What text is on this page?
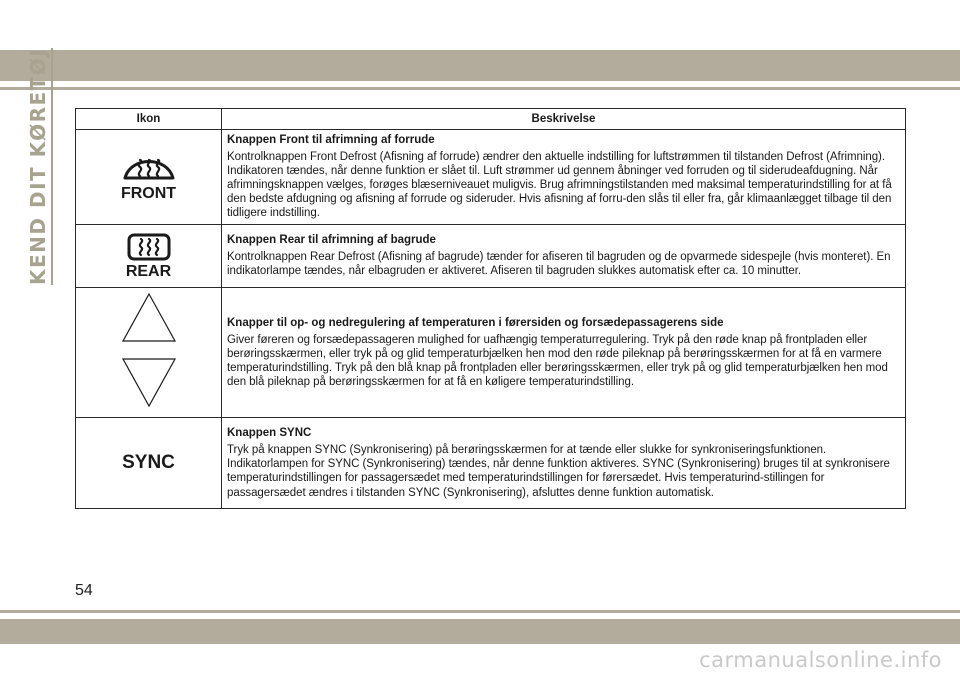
KEND DIT KØRETØJ	Ikon	Beskrivelse

FRONT	Knappen Front til afrimning af forrude
Kontrolknappen Front Defrost (Afisning af forrude) ændrer den aktuelle indstilling for luftstrømmen til tilstanden Defrost (Afrimning). Indikatoren tændes, når denne funktion er slået til. Luft strømmer ud gennem åbninger ved forruden og til siderudeafdugning. Når afrimningsknappen vælges, forøges blæserniveauet muligvis. Brug afrimningstilstanden med maksimal temperaturindstilling for at få den bedste afdugning og afisning af forrude og sideruder. Hvis afisning af forru-den slås til eller fra, går klimaanlægget tilbage til den tidligere indstilling.

REAR	Knappen Rear til afrimning af bagrude
Kontrolknappen Rear Defrost (Afisning af bagrude) tænder for afiseren til bagruden og de opvarmede sidespejle (hvis monteret). En indikatorlampe tændes, når elbagruden er aktiveret. Afiseren til bagruden slukkes automatisk efter ca. 10 minutter.

Knapper til op- og nedregulering af temperaturen i førersiden og forsædepassagerens side
Giver føreren og forsædepassageren mulighed for uafhængig temperaturregulering. Tryk på den røde knap på frontpladen eller berøringsskærmen, eller tryk på og glid temperaturbjælken hen mod den røde pileknap på berøringsskærmen for at få en varmere temperaturindstilling. Tryk på den blå knap på frontpladen eller berøringsskærmen, eller tryk på og glid temperaturbjælken hen mod den blå pileknap på berøringsskærmen for at få en køligere temperaturindstilling.

SYNC	Knappen SYNC
Tryk på knappen SYNC (Synkronisering) på berøringsskærmen for at tænde eller slukke for synkroniseringsfunktionen. Indikatorlampen for SYNC (Synkronisering) tændes, når denne funktion aktiveres. SYNC (Synkronisering) bruges til at synkronisere temperaturindstillingen for passagersædet med temperaturindstillingen for førersædet. Hvis temperaturind-stillingen for passagersædet ændres i tilstanden SYNC (Synkronisering), afsluttes denne funktion automatisk.
54
carmanualsonline.info
